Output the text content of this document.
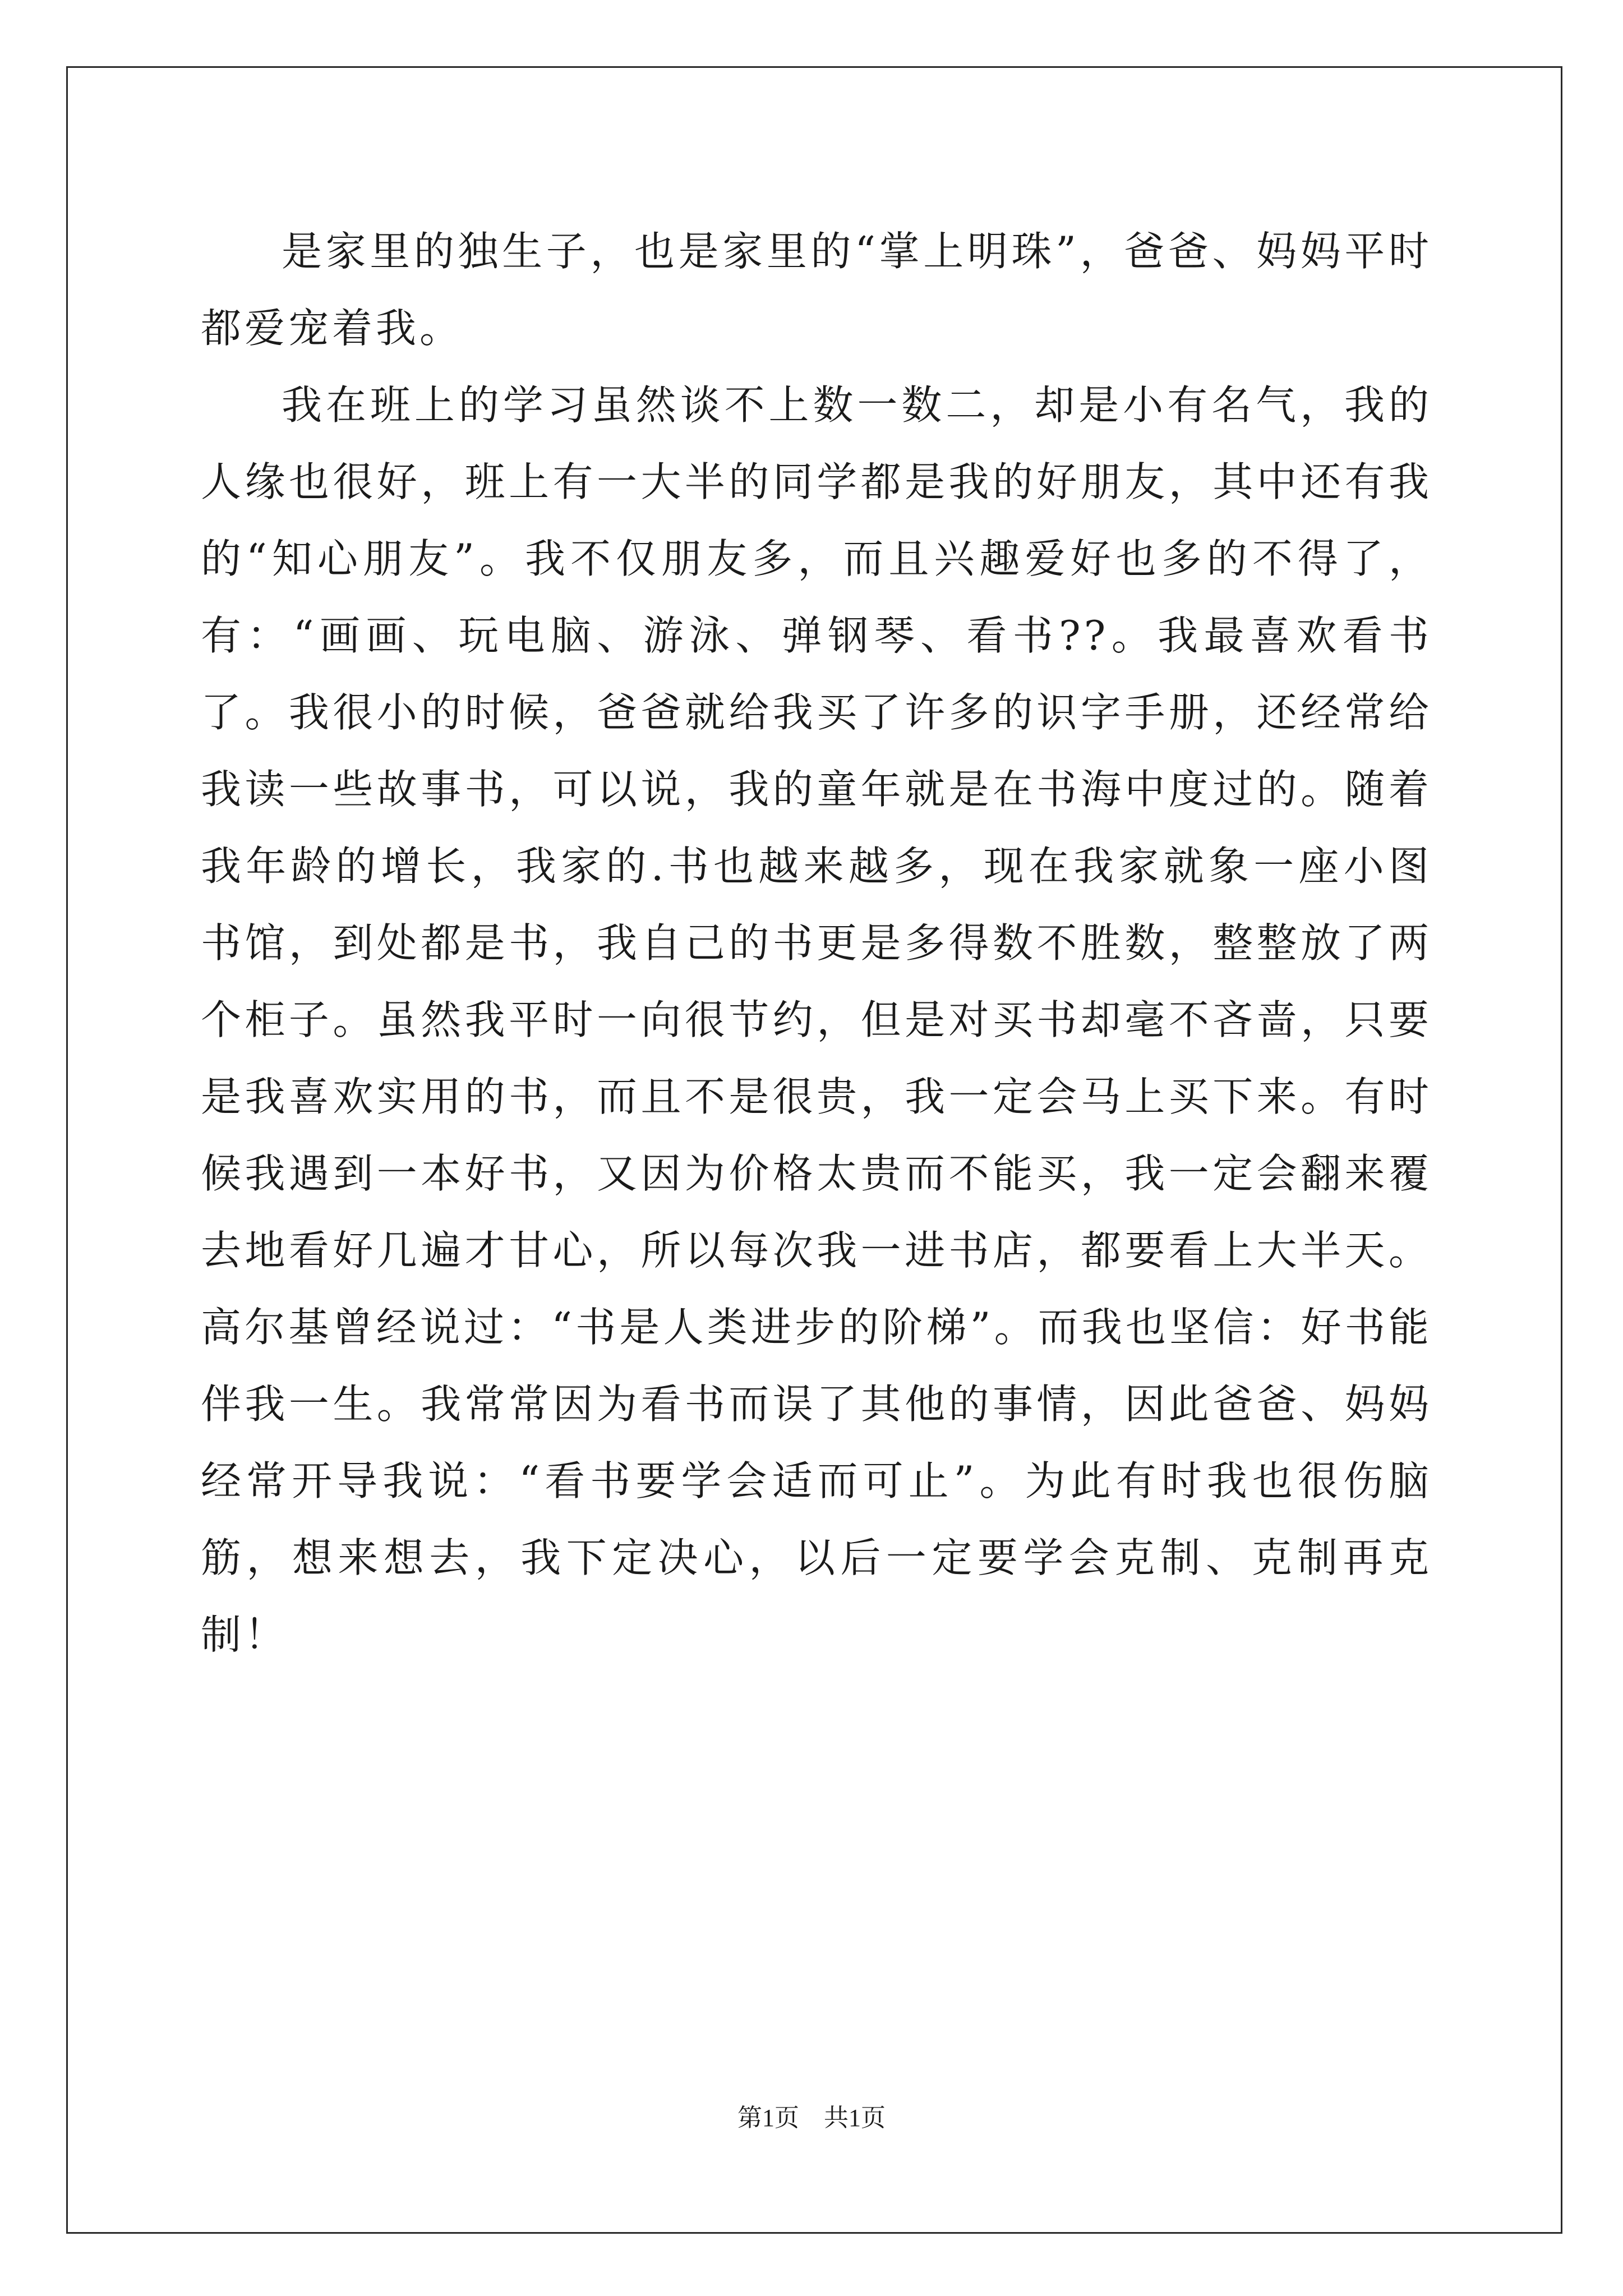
是家里的独生子，也是家里的“掌上明珠”，爸爸、妈妈平时都爱宠着我。

我在班上的学习虽然谈不上数一数二，却是小有名气，我的人缘也很好，班上有一大半的同学都是我的好朋友，其中还有我的“知心朋友”。我不仅朋友多，而且兴趣爱好也多的不得了，有：“画画、玩电脑、游泳、弹钢琴、看书??。我最喜欢看书了。我很小的时候，爸爸就给我买了许多的识字手册，还经常给我读一些故事书，可以说，我的童年就是在书海中度过的。随着我年龄的增长，我家的.书也越来越多，现在我家就象一座小图书馆，到处都是书，我自己的书更是多得数不胜数，整整放了两个柜子。虽然我平时一向很节约，但是对买书却毫不吝啬，只要是我喜欢实用的书，而且不是很贵，我一定会马上买下来。有时候我遇到一本好书，又因为价格太贵而不能买，我一定会翻来覆去地看好几遍才甘心，所以每次我一进书店，都要看上大半天。高尔基曾经说过：“书是人类进步的阶梯”。而我也坚信：好书能伴我一生。我常常因为看书而误了其他的事情，因此爸爸、妈妈经常开导我说：“看书要学会适而可止”。为此有时我也很伤脑筋，想来想去，我下定决心，以后一定要学会克制、克制再克制！

第1页 共1页
